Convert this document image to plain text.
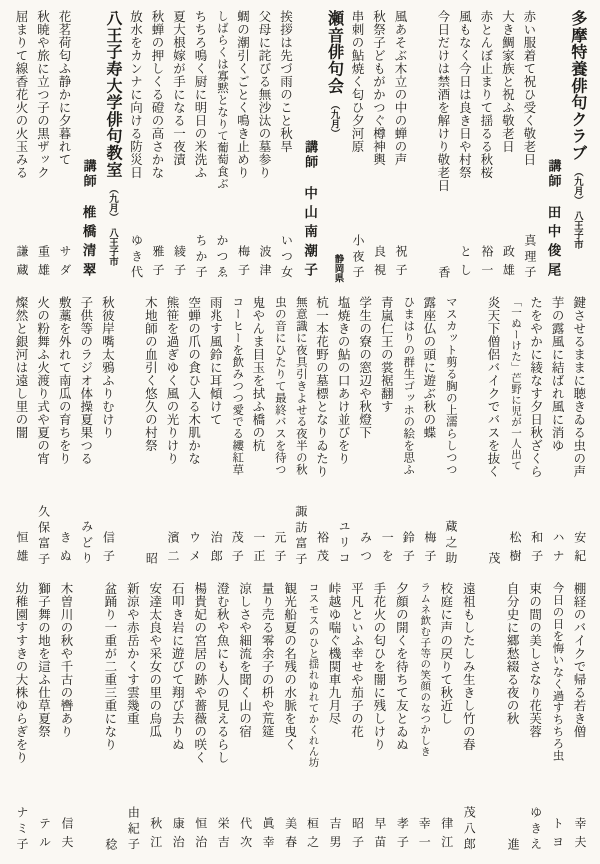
多摩特養俳句クラブ （九月） 八王子市
講師
田中俊尾
赤い服着て祝ひ受く敬老日
真理子
大き鯛家族と祝ふ敬老日
政雄
赤とんぼ止まりて揺るる秋桜
裕一
風もなく今日は良き日や村祭
とし
今日だけは禁酒を解けり敬老日
香
風あそぶ木立の中の蝉の声
祝子
秋祭子どもがかつぐ樽神輿
良視
串刺の鮎焼く匂ひ夕河原
小夜子
瀬音俳句会 （九月）
静岡県
講師
中山南潮子
挨拶は先づ雨のこと秋旱
いつ女
父母に詫びる無沙汰の墓参り
波津
蜩の潮引くごとく鳴き止めり
梅子
しばらくは寡黙となりて葡萄食ぶ
かつゑ
ちちろ鳴く厨に明日の米洗ふ
ちか子
夏大根嫁が手になる一夜漬
綾子
秋蝉の押しくる磴の高さかな
雅子
放水をカンナに向ける防災日
ゆき代
八王子寿大学俳句教室 （九月） 八王子市
講師
椎橋清翠
花茗荷匂ふ静かに夕暮れて
サダ
秋暁や旅に立つ子の黒ザック
重雄
屈まりて線香花火の火玉みる
謙蔵
鍵させるままに聴きゐる虫の声
安紀
芋の露風に結ばれ風に消ゆ
ハナ
たをやかに綾なす夕日秋ざくら
和子
「一ぬーけた」芒野に児が一人出て
松樹
炎天下僧侶バイクでバスを抜く
茂
マスカット剪る胸の上濡らしつつ
蔵之助
露座仏の頭に遊ぶ秋の蝶
梅子
ひまはりの群生ゴッホの絵を思ふ
鈴子
青嵐仁王の裳裾翻す
一を
学生の寮の窓辺や秋燈下
みつ
塩焼きの鮎の口あけ並びをり
ユリコ
杭一本花野の墓標となりゐたり
裕茂
無意識に夜具引きよせる夜半の秋
諏訪富子
虫の音にひたりて最終バスを待つ
元子
鬼やんま目玉を拭ふ橋の杭
一正
コーヒーを飲みつつ愛でる縷紅草
茂子
雨兆す風鈴に耳傾けて
治郎
空蝉の爪の食ひ入る木肌かな
ウメ
熊笹を過ぎゆく風の光りけり
濱二
木地師の血引く悠久の村祭
昭
秋彼岸嘴太鴉ふりむけり
信子
子供等のラジオ体操夏果つる
みどり
敷藁を外れて南瓜の育ちをり
きぬ
火の粉舞ふ火渡り式や夏の宵
久保富子
燦然と銀河は遠し里の闇
恒雄
棚経のバイクで帰る若き僧
幸夫
今日の日を悔いなく過すちちろ虫
トヨ
束の間の美しさなり花芙蓉
ゆきえ
自分史に郷愁綴る夜の秋
進
遠祖もしたしみ生きし竹の春
茂八郎
校庭に声の戻りて秋近し
律江
ラムネ飲む子等の笑顔のなつかしき
幸一
夕顔の開くを待ちて友とゐぬ
孝子
手花火の匂ひを闇に残しけり
早苗
平凡といふ幸せや茄子の花
昭子
峠越ゆ喘ぐ機関車九月尽
吉男
コスモスのひと揺れゆれてかくれん坊
桓之
観光船夏の名残の水脈を曳く
美春
量り売る零余子の枡や荒筵
眞幸
涼しさや細流を聞く山の宿
代次
澄む秋や魚にも人の見えるらし
栄吉
楊貴妃の宮居の跡や薔薇の咲く
恒治
石叩き岩に遊びて翔び去りぬ
康治
安達太良や采女の里の烏瓜
秋江
新涼や赤岳かくす雲幾重
由紀子
盆踊り一重が二重三重になり
稔
木曽川の秋や千古の轡あり
信夫
獅子舞の地を這ふ仕草夏祭
テル
幼稚園すすきの大株ゆらぎをり
ナミ子
